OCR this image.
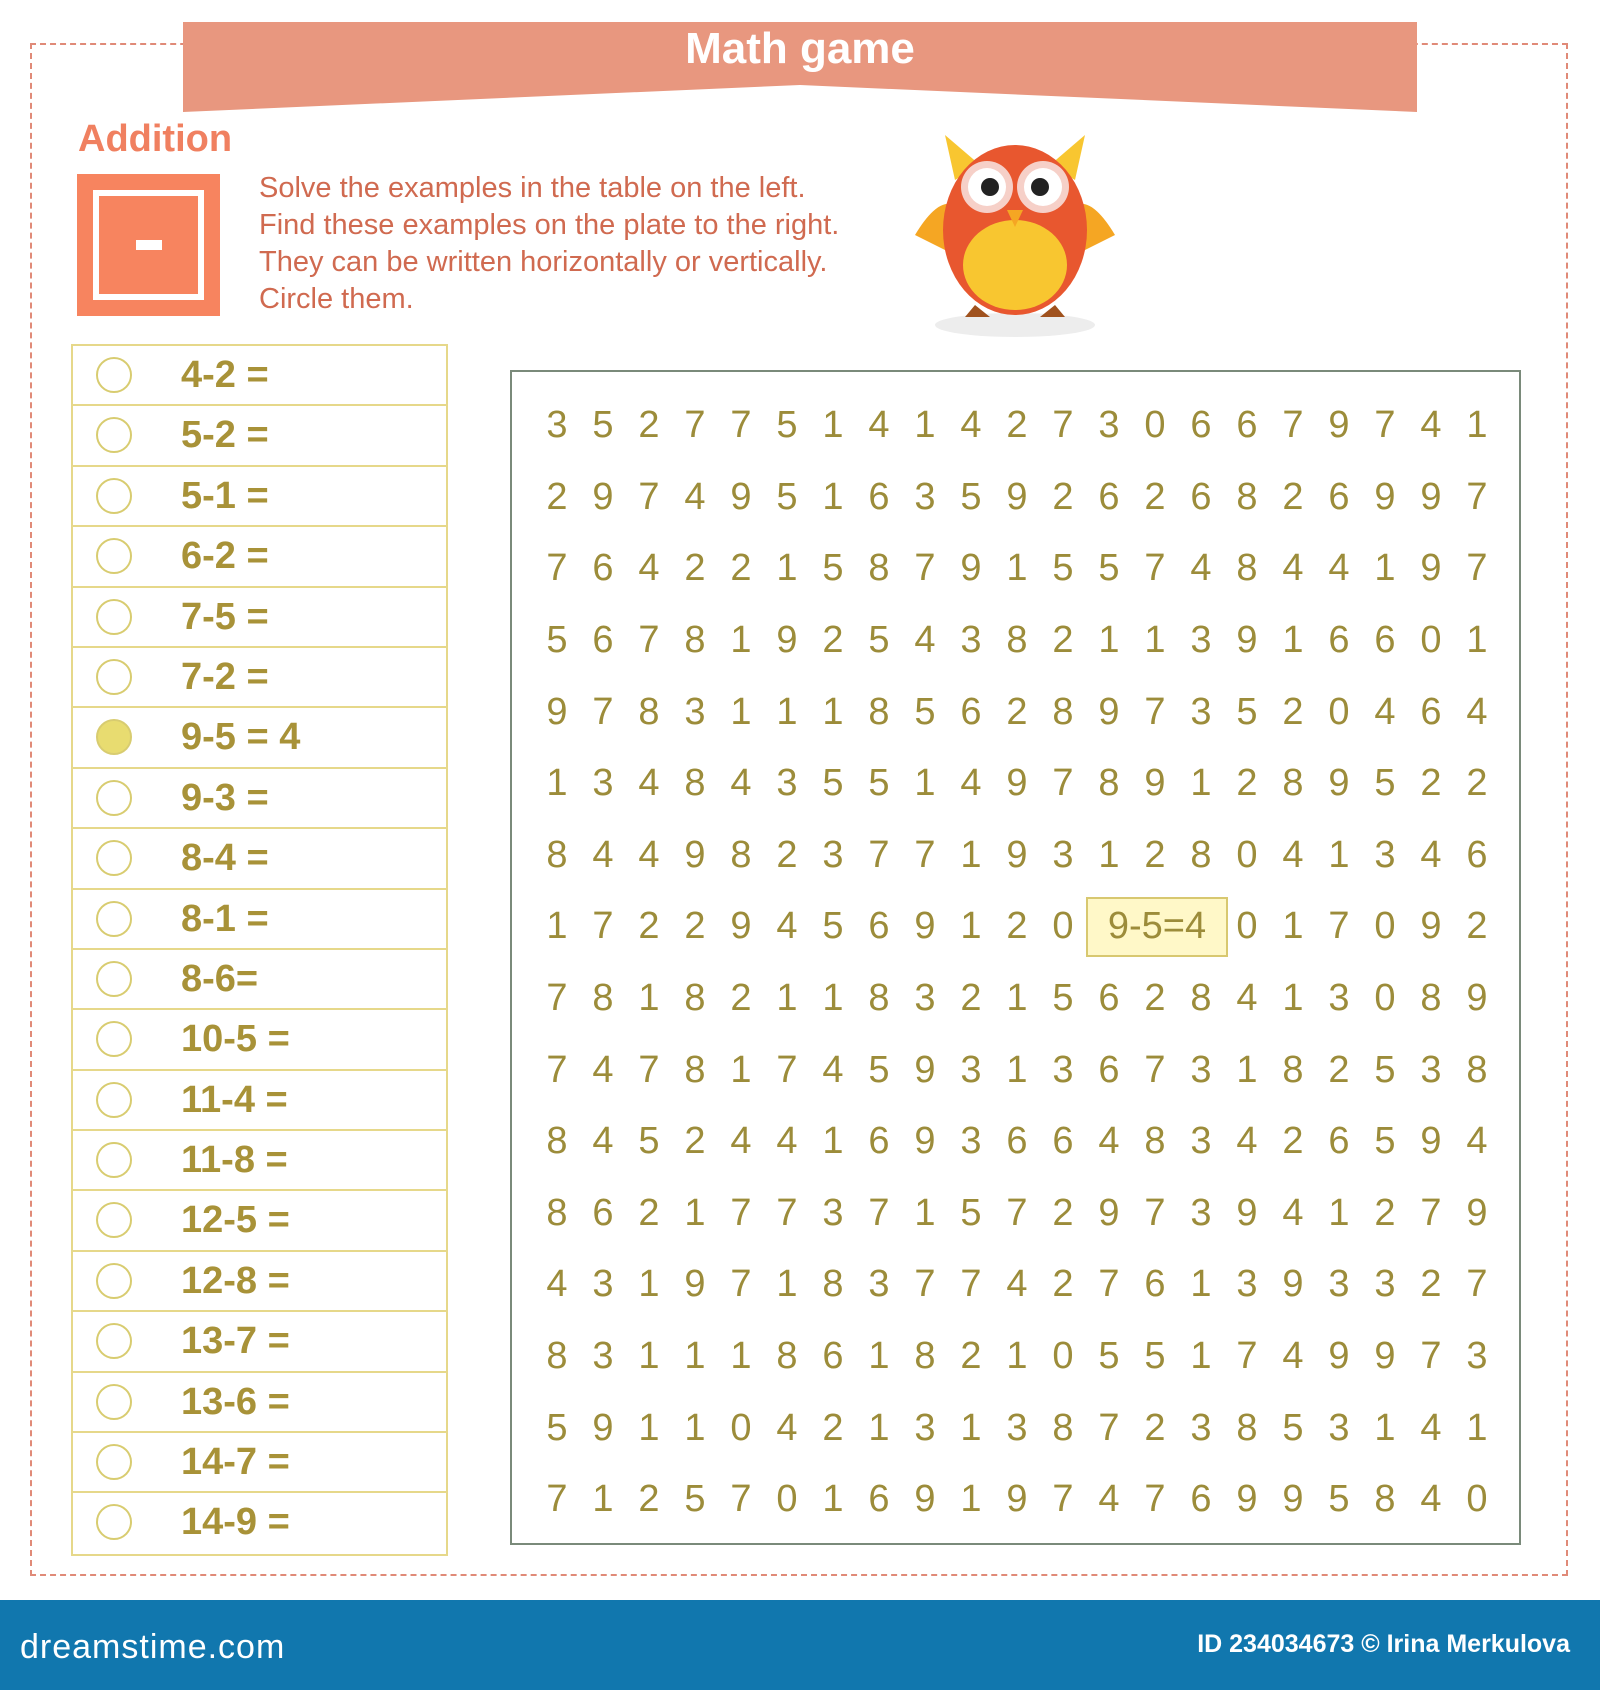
Math game
Addition
Solve the examples in the table on the left.
Find these examples on the plate to the right.
They can be written horizontally or vertically.
Circle them.
4-2 =
5-2 =
5-1 =
6-2 =
7-5 =
7-2 =
9-5 = 4
9-3 =
8-4 =
8-1 =
8-6=
10-5 =
11-4 =
11-8 =
12-5 =
12-8 =
13-7 =
13-6 =
14-7 =
14-9 =
3 5 2 7 7 5 1 4 1 4 2 7 3 0 6 6 7 9 7 4 1
2 9 7 4 9 5 1 6 3 5 9 2 6 2 6 8 2 6 9 9 7
7 6 4 2 2 1 5 8 7 9 1 5 5 7 4 8 4 4 1 9 7
5 6 7 8 1 9 2 5 4 3 8 2 1 1 3 9 1 6 6 0 1
9 7 8 3 1 1 1 8 5 6 2 8 9 7 3 5 2 0 4 6 4
1 3 4 8 4 3 5 5 1 4 9 7 8 9 1 2 8 9 5 2 2
8 4 4 9 8 2 3 7 7 1 9 3 1 2 8 0 4 1 3 4 6
1 7 2 2 9 4 5 6 9 1 2 0 9-5=4 0 1 7 0 9 2
7 8 1 8 2 1 1 8 3 2 1 5 6 2 8 4 1 3 0 8 9
7 4 7 8 1 7 4 5 9 3 1 3 6 7 3 1 8 2 5 3 8
8 4 5 2 4 4 1 6 9 3 6 6 4 8 3 4 2 6 5 9 4
8 6 2 1 7 7 3 7 1 5 7 2 9 7 3 9 4 1 2 7 9
4 3 1 9 7 1 8 3 7 7 4 2 7 6 1 3 9 3 3 2 7
8 3 1 1 1 8 6 1 8 2 1 0 5 5 1 7 4 9 9 7 3
5 9 1 1 0 4 2 1 3 1 3 8 7 2 3 8 5 3 1 4 1
7 1 2 5 7 0 1 6 9 1 9 7 4 7 6 9 9 5 8 4 0
dreamstime.com	ID 234034673 © Irina Merkulova
